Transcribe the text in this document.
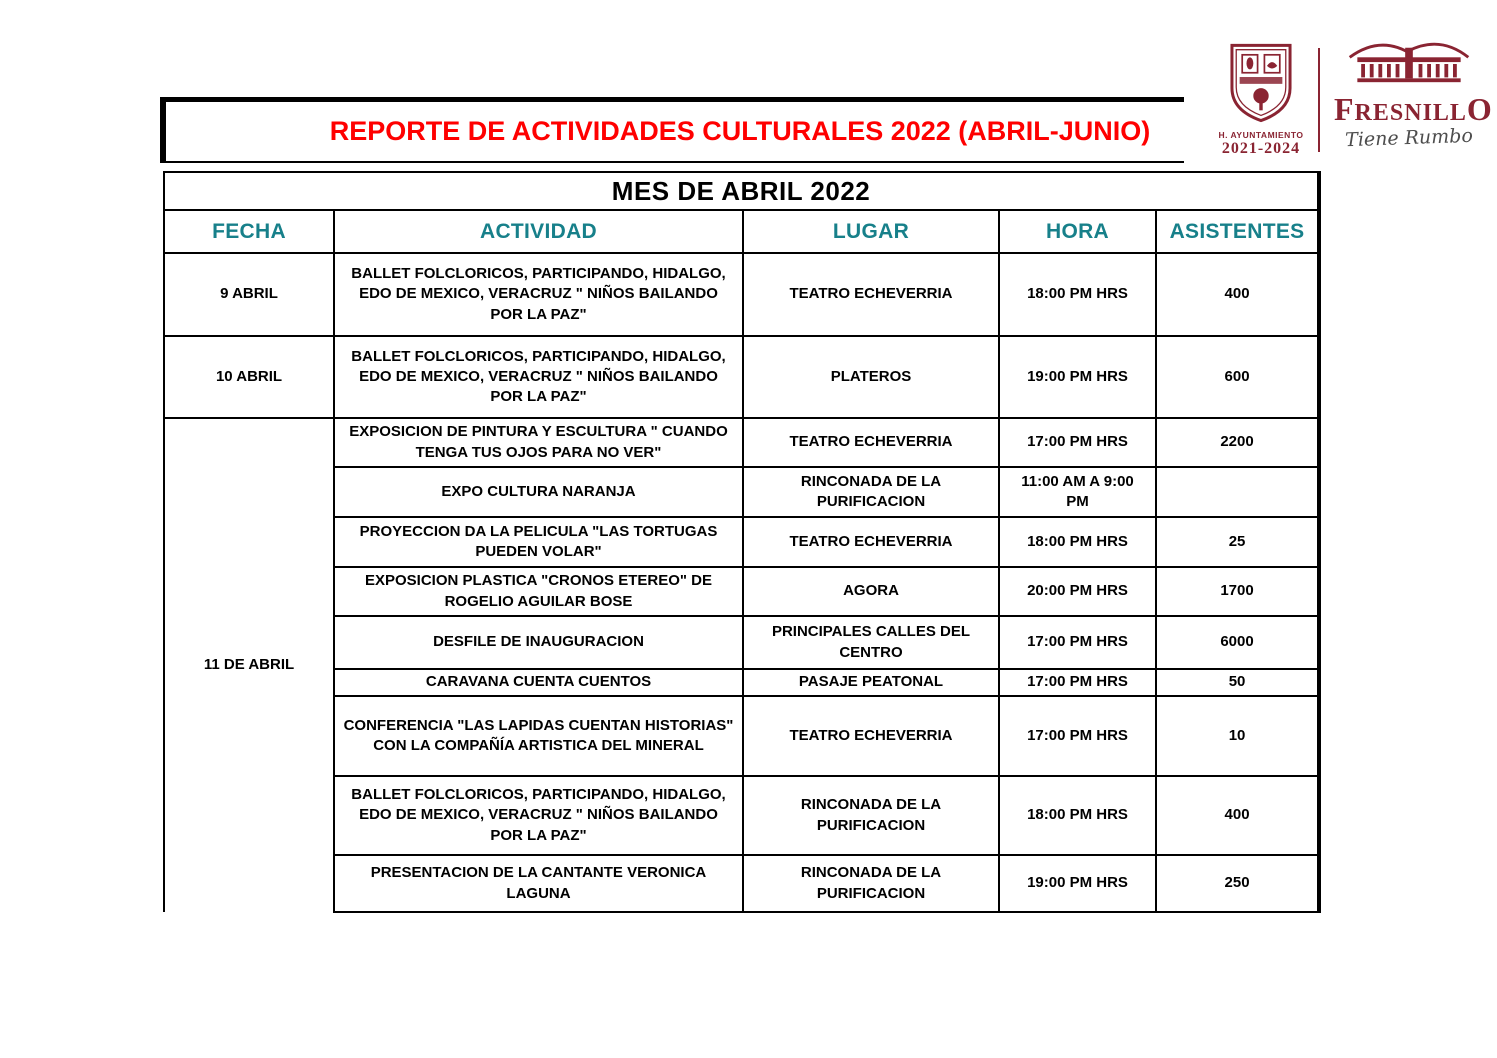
REPORTE DE ACTIVIDADES CULTURALES 2022 (ABRIL-JUNIO)	H. AYUNTAMIENTO
2021-2024
FRESNILLO
Tiene Rumbo
MES DE ABRIL 2022				
FECHA	ACTIVIDAD	LUGAR	HORA	ASISTENTES
9 ABRIL	BALLET FOLCLORICOS, PARTICIPANDO, HIDALGO, EDO DE MEXICO, VERACRUZ " NIÑOS BAILANDO POR LA PAZ"	TEATRO ECHEVERRIA	18:00 PM HRS	400
10 ABRIL	BALLET FOLCLORICOS, PARTICIPANDO, HIDALGO, EDO DE MEXICO, VERACRUZ " NIÑOS BAILANDO POR LA PAZ"	PLATEROS	19:00 PM HRS	600
11 DE ABRIL	EXPOSICION DE PINTURA Y ESCULTURA " CUANDO TENGA TUS OJOS PARA NO VER"	TEATRO ECHEVERRIA	17:00 PM HRS	2200
	EXPO CULTURA NARANJA	RINCONADA DE LA PURIFICACION	11:00 AM A 9:00 PM	
	PROYECCION DA LA PELICULA "LAS TORTUGAS PUEDEN VOLAR"	TEATRO ECHEVERRIA	18:00 PM HRS	25
	EXPOSICION PLASTICA "CRONOS ETEREO" DE ROGELIO AGUILAR BOSE	AGORA	20:00 PM HRS	1700
	DESFILE DE INAUGURACION	PRINCIPALES CALLES DEL CENTRO	17:00 PM HRS	6000
	CARAVANA CUENTA CUENTOS	PASAJE PEATONAL	17:00 PM HRS	50
	CONFERENCIA "LAS LAPIDAS CUENTAN HISTORIAS" CON LA COMPAÑÍA ARTISTICA DEL MINERAL	TEATRO ECHEVERRIA	17:00 PM HRS	10
	BALLET FOLCLORICOS, PARTICIPANDO, HIDALGO, EDO DE MEXICO, VERACRUZ " NIÑOS BAILANDO POR LA PAZ"	RINCONADA DE LA PURIFICACION	18:00 PM HRS	400
	PRESENTACION DE LA CANTANTE VERONICA LAGUNA	RINCONADA DE LA PURIFICACION	19:00 PM HRS	250
